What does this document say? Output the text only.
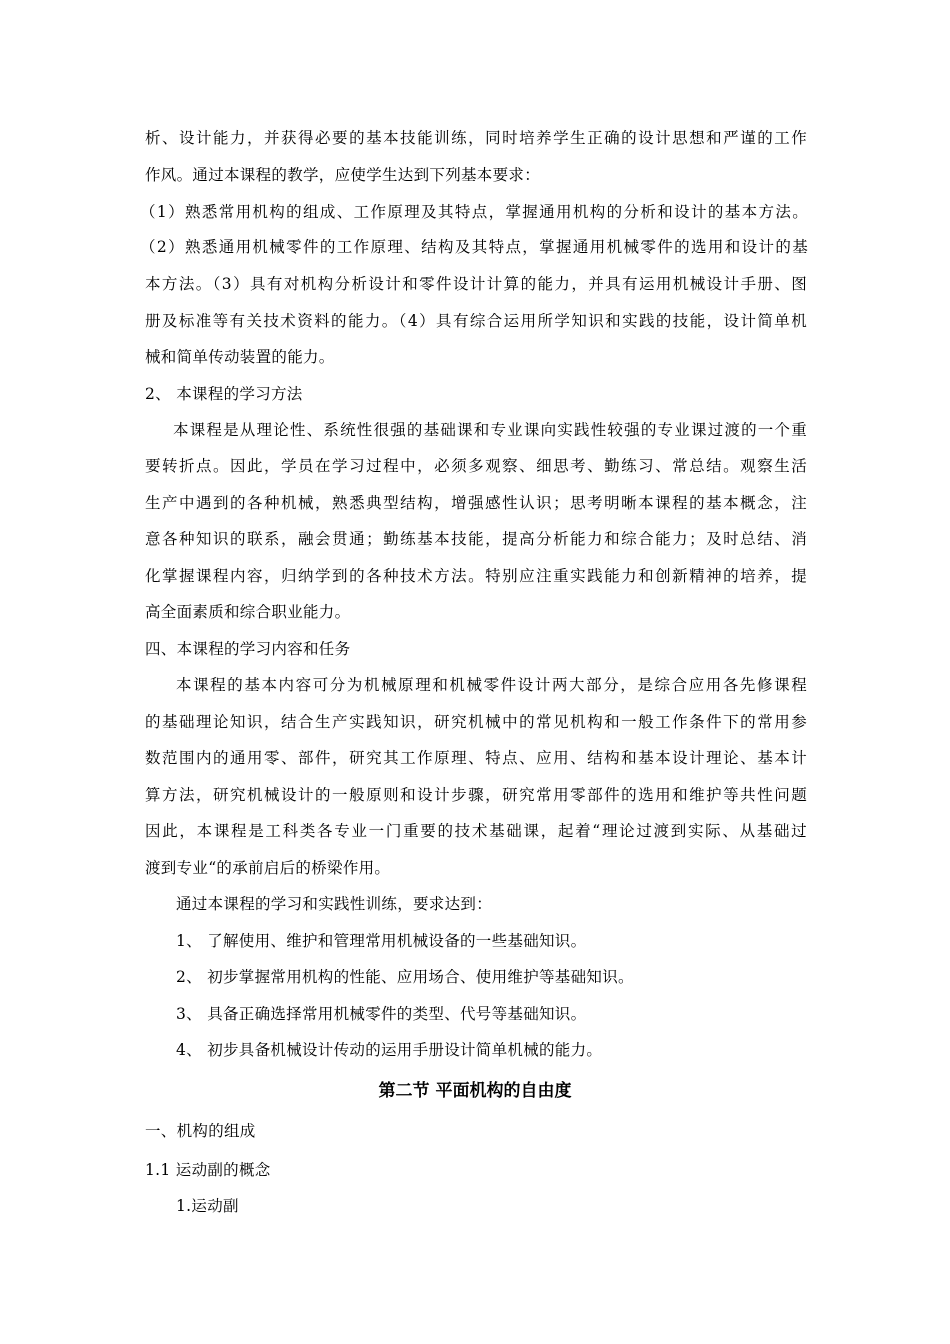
析、设计能力，并获得必要的基本技能训练，同时培养学生正确的设计思想和严谨的工作
作风。通过本课程的教学，应使学生达到下列基本要求：
（1）熟悉常用机构的组成、工作原理及其特点，掌握通用机构的分析和设计的基本方法。
（2）熟悉通用机械零件的工作原理、结构及其特点，掌握通用机械零件的选用和设计的基
本方法。（3）具有对机构分析设计和零件设计计算的能力，并具有运用机械设计手册、图
册及标准等有关技术资料的能力。（4）具有综合运用所学知识和实践的技能，设计简单机
械和简单传动装置的能力。
2、 本课程的学习方法
本课程是从理论性、系统性很强的基础课和专业课向实践性较强的专业课过渡的一个重
要转折点。因此，学员在学习过程中，必须多观察、细思考、勤练习、常总结。观察生活
生产中遇到的各种机械，熟悉典型结构，增强感性认识；思考明晰本课程的基本概念，注
意各种知识的联系，融会贯通；勤练基本技能，提高分析能力和综合能力；及时总结、消
化掌握课程内容，归纳学到的各种技术方法。特别应注重实践能力和创新精神的培养，提
高全面素质和综合职业能力。
四、本课程的学习内容和任务
本课程的基本内容可分为机械原理和机械零件设计两大部分，是综合应用各先修课程
的基础理论知识，结合生产实践知识，研究机械中的常见机构和一般工作条件下的常用参
数范围内的通用零、部件，研究其工作原理、特点、应用、结构和基本设计理论、基本计
算方法，研究机械设计的一般原则和设计步骤，研究常用零部件的选用和维护等共性问题
因此，本课程是工科类各专业一门重要的技术基础课，起着“理论过渡到实际、从基础过
渡到专业“的承前启后的桥梁作用。
通过本课程的学习和实践性训练，要求达到：
1、 了解使用、维护和管理常用机械设备的一些基础知识。
2、 初步掌握常用机构的性能、应用场合、使用维护等基础知识。
3、 具备正确选择常用机械零件的类型、代号等基础知识。
4、 初步具备机械设计传动的运用手册设计简单机械的能力。
第二节 平面机构的自由度
一、机构的组成
1.1 运动副的概念
1.运动副
